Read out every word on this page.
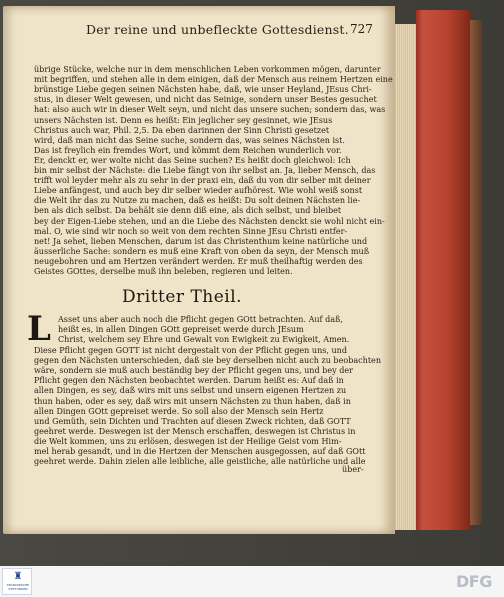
Der reine und unbefleckte Gottesdienst. 727
übrige Stücke, welche nur in dem menschlichen Leben vorkommen mögen, darunter
mit begriffen, und stehen alle in dem einigen, daß der Mensch aus reinem Hertzen eine
brünstige Liebe gegen seinen Nächsten habe, daß, wie unser Heyland, JEsus Chri-
stus, in dieser Welt gewesen, und nicht das Seinige, sondern unser Bestes gesuchet
hat: also auch wir in dieser Welt seyn, und nicht das unsere suchen; sondern das, was
unsers Nächsten ist. Denn es heißt: Ein jeglicher sey gesinnet, wie JEsus
Christus auch war, Phil. 2,5. Da eben darinnen der Sinn Christi gesetzet
wird, daß man nicht das Seine suche, sondern das, was seines Nächsten ist.
Das ist freylich ein fremdes Wort, und kömmt dem Reichen wunderlich vor.
Er, denckt er, wer wolte nicht das Seine suchen? Es heißt doch gleichwol: Ich
bin mir selbst der Nächste: die Liebe fängt von ihr selbst an. Ja, lieber Mensch, das
trifft wol leyder mehr als zu sehr in der praxi ein, daß du von dir selber mit deiner
Liebe anfängest, und auch bey dir selber wieder aufhörest. Wie wohl weiß sonst
die Welt ihr das zu Nutze zu machen, daß es heißt: Du solt deinen Nächsten lie-
ben als dich selbst. Da behält sie denn diß eine, als dich selbst, und bleibet
bey der Eigen-Liebe stehen, und an die Liebe des Nächsten denckt sie wohl nicht ein-
mal. O, wie sind wir noch so weit von dem rechten Sinne JEsu Christi entfer-
net! Ja sehet, lieben Menschen, darum ist das Christenthum keine natürliche und
äusserliche Sache: sondern es muß eine Kraft von oben da seyn, der Mensch muß
neugebohren und am Hertzen verändert werden. Er muß theilhaftig werden des
Geistes GOttes, derselbe muß ihn beleben, regieren und leiten.
Dritter Theil.
L Asset uns aber auch noch die Pflicht gegen GOtt betrachten. Auf daß,
heißt es, in allen Dingen GOtt gepreiset werde durch JEsum
Christ, welchem sey Ehre und Gewalt von Ewigkeit zu Ewigkeit, Amen.
Diese Pflicht gegen GOTT ist nicht dergestalt von der Pflicht gegen uns, und
gegen den Nächsten unterschieden, daß sie bey derselben nicht auch zu beobachten
wäre, sondern sie muß auch beständig bey der Pflicht gegen uns, und bey der
Pflicht gegen den Nächsten beobachtet werden. Darum heißt es: Auf daß in
allen Dingen, es sey, daß wirs mit uns selbst und unsern eigenen Hertzen zu
thun haben, oder es sey, daß wirs mit unsern Nächsten zu thun haben, daß in
allen Dingen GOtt gepreiset werde. So soll also der Mensch sein Hertz
und Gemüth, sein Dichten und Trachten auf diesen Zweck richten, daß GOTT
geehret werde. Deswegen ist der Mensch erschaffen, deswegen ist Christus in
die Welt kommen, uns zu erlösen, deswegen ist der Heilige Geist vom Him-
mel herab gesandt, und in die Hertzen der Menschen ausgegossen, auf daß GOtt
geehret werde. Dahin zielen alle leibliche, alle geistliche, alle natürliche und alle
über-
♜
FRANCKESCHE STIFTUNGEN	DFG
